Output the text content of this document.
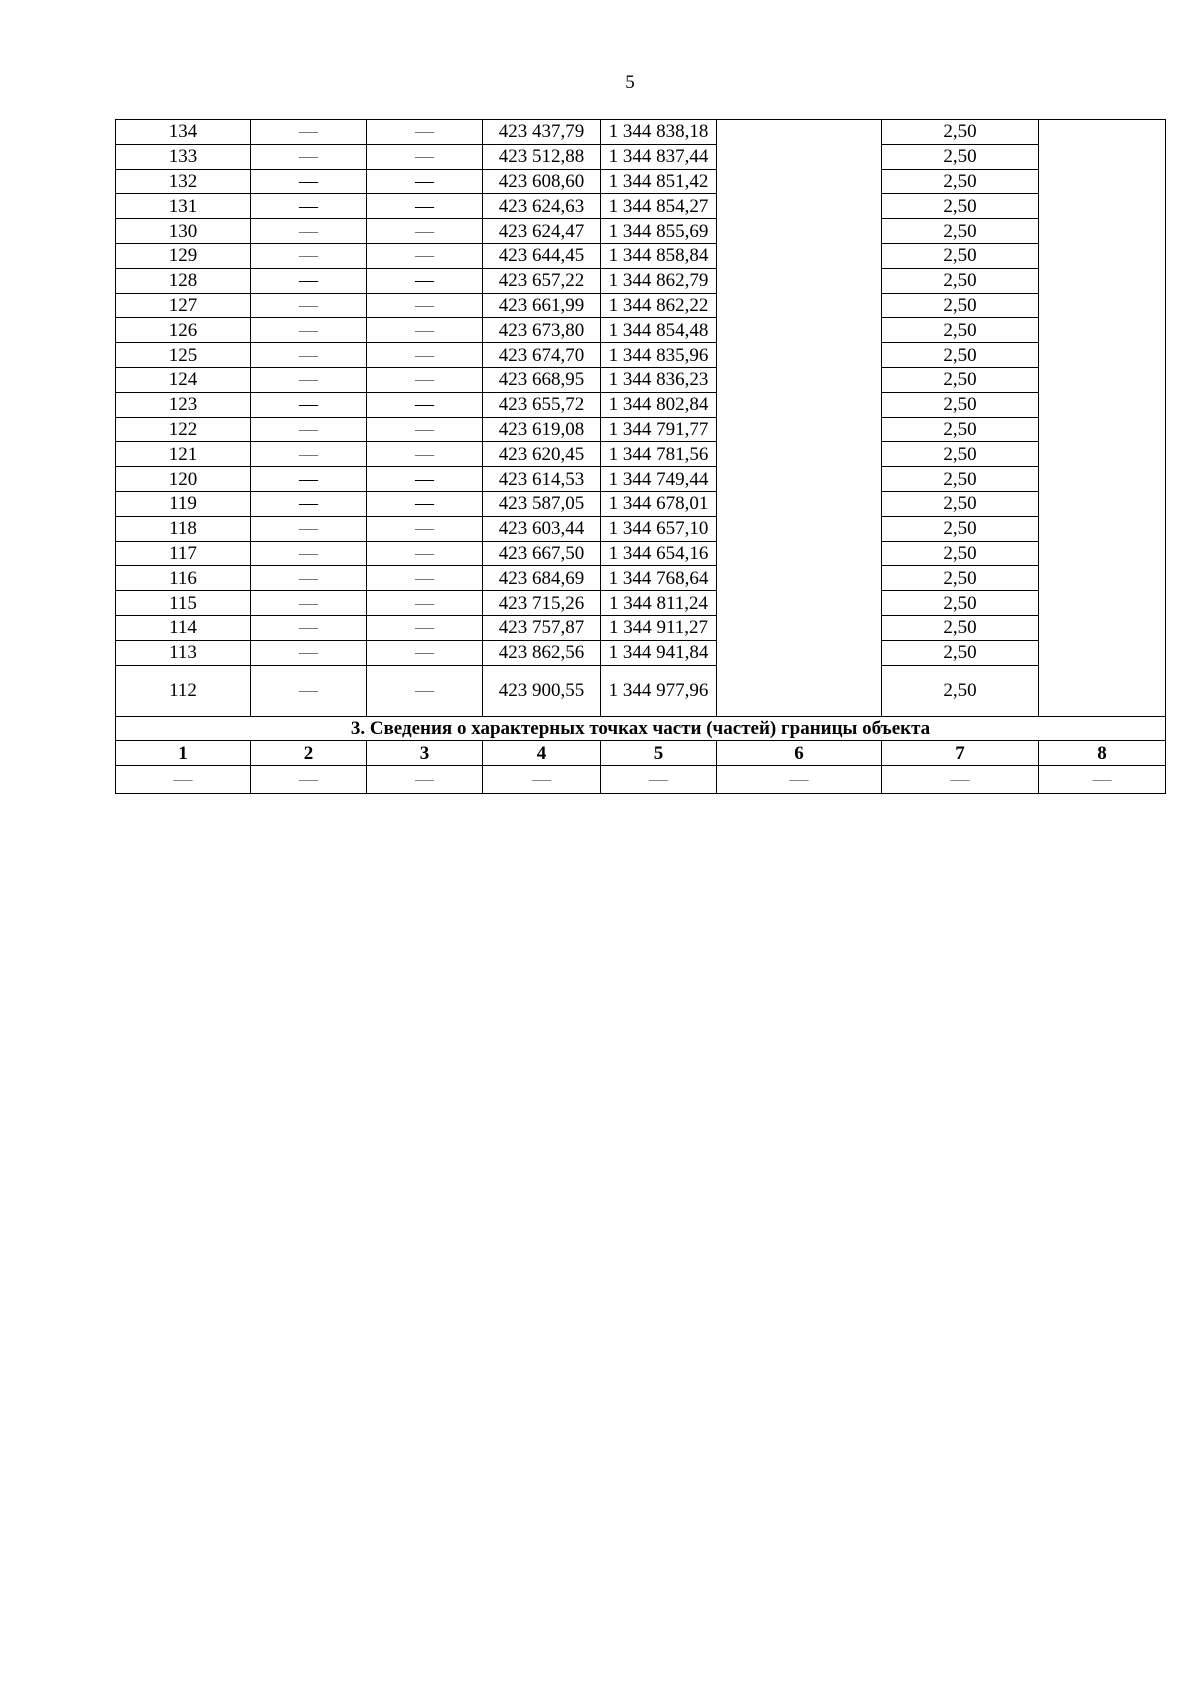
5
134	—	—	423 437,79	1 344 838,18		2,50	
133	—	—	423 512,88	1 344 837,44		2,50	
132	—	—	423 608,60	1 344 851,42		2,50	
131	—	—	423 624,63	1 344 854,27		2,50	
130	—	—	423 624,47	1 344 855,69		2,50	
129	—	—	423 644,45	1 344 858,84		2,50	
128	—	—	423 657,22	1 344 862,79		2,50	
127	—	—	423 661,99	1 344 862,22		2,50	
126	—	—	423 673,80	1 344 854,48		2,50	
125	—	—	423 674,70	1 344 835,96		2,50	
124	—	—	423 668,95	1 344 836,23		2,50	
123	—	—	423 655,72	1 344 802,84		2,50	
122	—	—	423 619,08	1 344 791,77		2,50	
121	—	—	423 620,45	1 344 781,56		2,50	
120	—	—	423 614,53	1 344 749,44		2,50	
119	—	—	423 587,05	1 344 678,01		2,50	
118	—	—	423 603,44	1 344 657,10		2,50	
117	—	—	423 667,50	1 344 654,16		2,50	
116	—	—	423 684,69	1 344 768,64		2,50	
115	—	—	423 715,26	1 344 811,24		2,50	
114	—	—	423 757,87	1 344 911,27		2,50	
113	—	—	423 862,56	1 344 941,84		2,50	
112	—	—	423 900,55	1 344 977,96		2,50	
3. Сведения о характерных точках части (частей) границы объекта							
1	2	3	4	5	6	7	8
—	—	—	—	—	—	—	—
